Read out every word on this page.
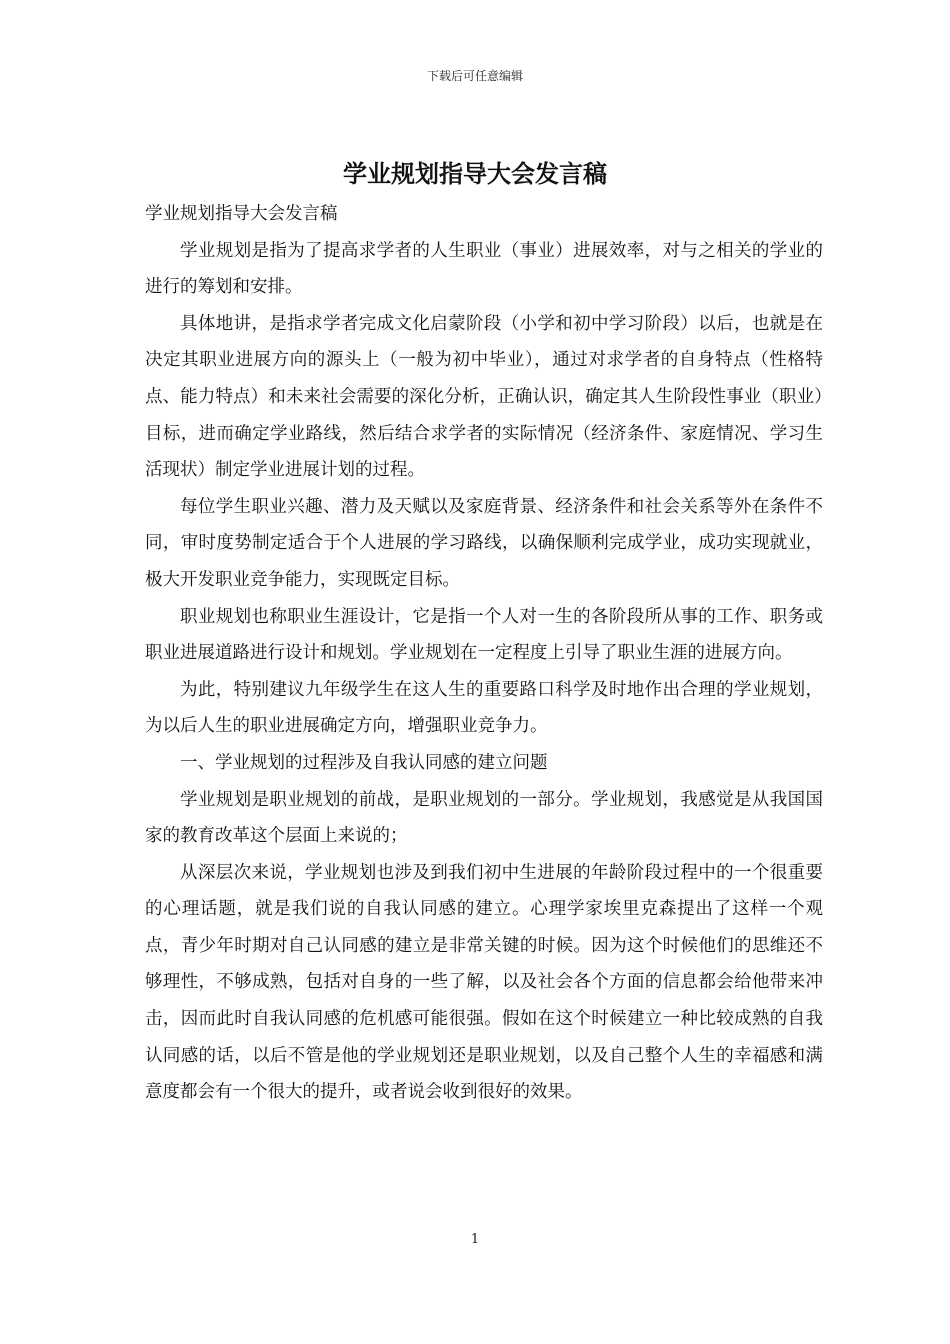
下载后可任意编辑
学业规划指导大会发言稿

学业规划指导大会发言稿

学业规划是指为了提高求学者的人生职业（事业）进展效率，对与之相关的学业的进行的筹划和安排。

具体地讲，是指求学者完成文化启蒙阶段（小学和初中学习阶段）以后，也就是在决定其职业进展方向的源头上（一般为初中毕业），通过对求学者的自身特点（性格特点、能力特点）和未来社会需要的深化分析，正确认识，确定其人生阶段性事业（职业）目标，进而确定学业路线，然后结合求学者的实际情况（经济条件、家庭情况、学习生活现状）制定学业进展计划的过程。

每位学生职业兴趣、潜力及天赋以及家庭背景、经济条件和社会关系等外在条件不同，审时度势制定适合于个人进展的学习路线，以确保顺利完成学业，成功实现就业，极大开发职业竞争能力，实现既定目标。

职业规划也称职业生涯设计，它是指一个人对一生的各阶段所从事的工作、职务或职业进展道路进行设计和规划。学业规划在一定程度上引导了职业生涯的进展方向。

为此，特别建议九年级学生在这人生的重要路口科学及时地作出合理的学业规划，为以后人生的职业进展确定方向，增强职业竞争力。

一、学业规划的过程涉及自我认同感的建立问题

学业规划是职业规划的前战，是职业规划的一部分。学业规划，我感觉是从我国国家的教育改革这个层面上来说的；

从深层次来说，学业规划也涉及到我们初中生进展的年龄阶段过程中的一个很重要的心理话题，就是我们说的自我认同感的建立。心理学家埃里克森提出了这样一个观点，青少年时期对自己认同感的建立是非常关键的时候。因为这个时候他们的思维还不够理性，不够成熟，包括对自身的一些了解，以及社会各个方面的信息都会给他带来冲击，因而此时自我认同感的危机感可能很强。假如在这个时候建立一种比较成熟的自我认同感的话，以后不管是他的学业规划还是职业规划，以及自己整个人生的幸福感和满意度都会有一个很大的提升，或者说会收到很好的效果。

1
